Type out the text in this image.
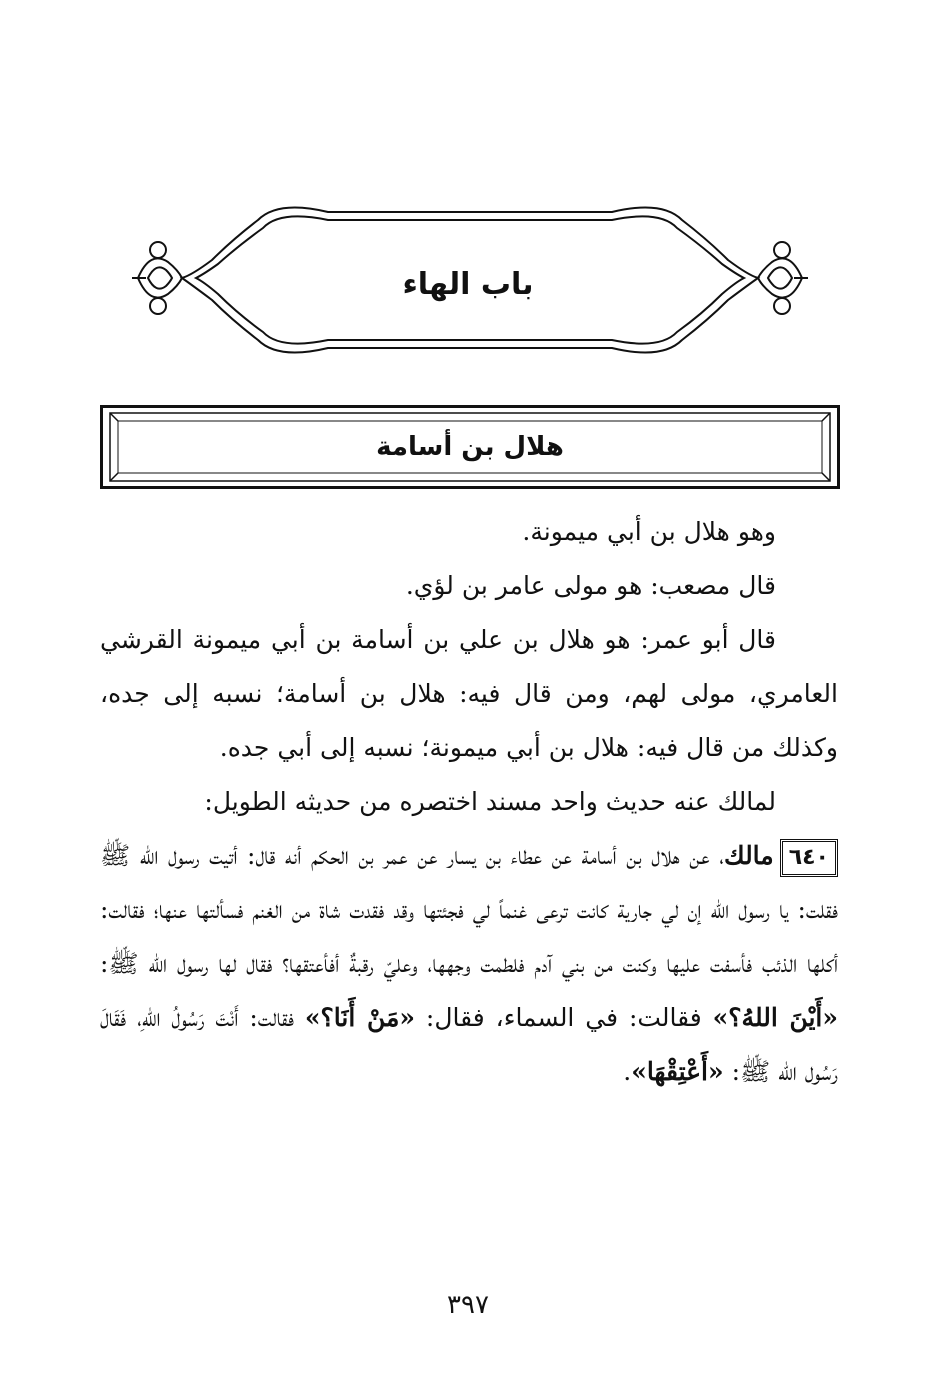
باب الهاء
هلال بن أسامة

وهو هلال بن أبي ميمونة.

قال مصعب: هو مولى عامر بن لؤي.

قال أبو عمر: هو هلال بن علي بن أسامة بن أبي ميمونة القرشي العامري، مولى لهم، ومن قال فيه: هلال بن أسامة؛ نسبه إلى جده، وكذلك من قال فيه: هلال بن أبي ميمونة؛ نسبه إلى أبي جده.

لمالك عنه حديث واحد مسند اختصره من حديثه الطويل:

٦٤٠مالك، عن هلال بن أسامة عن عطاء بن يسار عن عمر بن الحكم أنه قال: أتيت رسول الله ﷺ فقلت: يا رسول الله إن لي جارية كانت ترعى غنماً لي فجئتها وقد فقدت شاة من الغنم فسألتها عنها؛ فقالت: أكلها الذئب فأسفت عليها وكنت من بني آدم فلطمت وجهها، وعليّ رقبةٌ أفأعتقها؟ فقال لها رسول الله ﷺ: «أَيْنَ اللهُ؟» فقالت: في السماء، فقال: «مَنْ أَنَا؟» فقالت: أَنْتَ رَسُولُ اللهِ، فَقَالَ رَسُول الله ﷺ: «أَعْتِقْهَا».

٣٩٧
